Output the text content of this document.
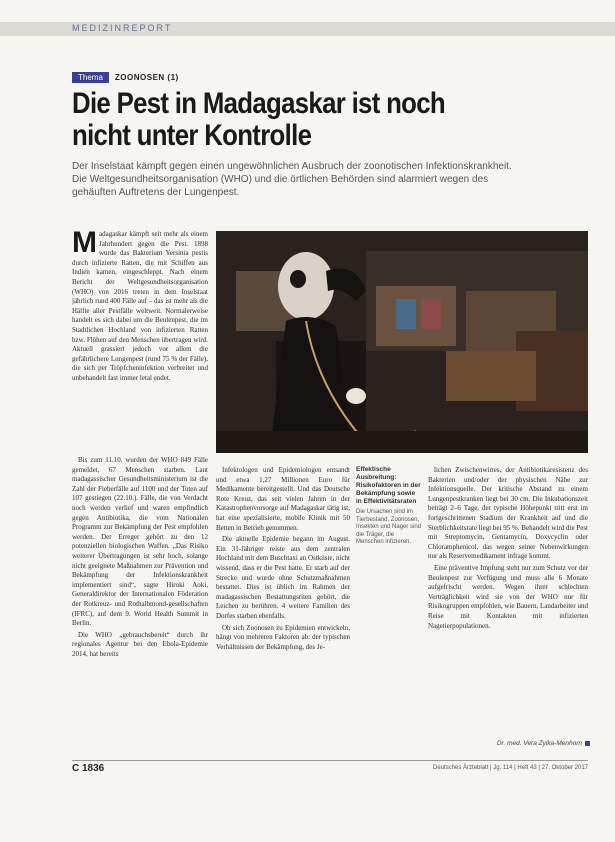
MEDIZINREPORT
Thema	ZOONOSEN (1)
Die Pest in Madagaskar ist noch nicht unter Kontrolle

Der Inselstaat kämpft gegen einen ungewöhnlichen Ausbruch der zoonotischen Infektionskrankheit. Die Weltgesundheitsorganisation (WHO) und die örtlichen Behörden sind alarmiert wegen des gehäuften Auftretens der Lungenpest.

M adagaskar kämpft seit mehr als einem Jahrhundert gegen die Pest. 1898 wurde das Bakterium Yersinia pestis durch infizierte Ratten, die mit Schiffen aus Indien kamen, eingeschleppt. Nach einem Bericht der Weltgesundheitsorganisation (WHO) von 2016 treten in dem Inselstaat jährlich rund 400 Fälle auf – das ist mehr als die Hälfte aller Pestfälle weltweit. Normalerweise handelt es sich dabei um die Beulenpest, die im Stadtlichen Hochland von infizierten Ratten bzw. Flöhen auf den Menschen übertragen wird. Aktuell grassiert jedoch vor allem die gefährlichere Lungenpest (rund 75 % der Fälle), die sich per Tröpfcheninfektion verbreitet und unbehandelt fast immer letal endet.

Bis zum 11.10. wurden der WHO 849 Fälle gemeldet, 67 Menschen starben. Laut madagassischer Gesundheitsministerium ist die Zahl der Fieberfälle auf 1100 und der Toten auf 107 gestiegen (22.10.). Fälle, die von Verdacht noch werden verlief und waren empfindlich gegen Antibiotika, die vom Nationalen Programm zur Bekämpfung der Pest empfohlen werden. Der Erreger gehört zu den 12 potenziellen biologischen Waffen. „Das Risiko weiterer Übertragungen ist sehr hoch, solange nicht geeignete Maßnahmen zur Prävention und Bekämpfung der Infektionskrankheit implementiert sind“, sagte Hiroki Aoki, Generaldirektor der Internationalen Föderation der Rotkreuz- und Rothalbmond-gesellschaften (IFRC), auf dem 9. World Health Summit in Berlin.

Die WHO „gebrauchsbereit“ durch ihr regionales Agentur bei den Ebola-Epidemie 2014, hat bereits

Infektologen und Epidemiologen entsandt und etwa 1,27 Millionen Euro für Medikamente bereitgestellt. Und das Deutsche Rote Kreuz, das seit vielen Jahren in der Katastrophenvorsorge auf Madagaskar tätig ist, hat eine spezialisierte, mobile Klinik mit 50 Betten in Betrieb genommen.

Die aktuelle Epidemie begann im August. Ein 31-Jähriger reiste aus dem zentralen Hochland mit dem Buschtaxi an Ostküste, nicht wissend, dass er die Pest hatte. Er starb auf der Strecke und wurde ohne Schutzmaßnahmen bestattet. Dies ist üblich im Rahmen der madagassischen Bestattungsriten gehört, die Leichen zu berühren. 4 weitere Familien des Dorfes starben ebenfalls.

Ob sich Zoonosen zu Epidemien entwickeln, hängt von mehreren Faktoren ab: der typischen Verhältnissen der Bekämpfung, des Je-

Effektische Ausbreitung: Risikofaktoren in der Bekämpfung sowie in Effektivitätsraten
Die Ursachen sind im Tierbestand, Zoonosen, Insekten und Nager sind die Träger, die Menschen infizieren.

lichen Zwischenwirtes, der Antibiotikaresistenz des Bakterien und/oder der physischen Nähe zur Infektionsquelle. Der kritische Abstand zu einem Lungenpestkranken liegt bei 30 cm. Die Inkubationszeit beträgt 2–6 Tage, der typische Höhepunkt tritt erst im fortgeschrittenen Stadium der Krankheit auf und die Sterblichkeitsrate liegt bei 95 %. Behandelt wird die Pest mit Streptomycin, Gentamycin, Doxycyclin oder Chloramphenicol, das wegen seiner Nebenwirkungen nur als Reservemedikament infrage kommt.

Eine präventive Impfung steht nur zum Schutz vor der Beulenpest zur Verfügung und muss alle 6 Monate aufgefrischt werden. Wegen ihrer schlechten Verträglichkeit wird sie von der WHO nur für Risikogruppen empfohlen, wie Bauern, Landarbeiter und Reise mit Kontakten mit infizierten Nagetierpopulationen.

Dr. med. Vera Zylka-Menhorn
C 1836	Deutsches Ärzteblatt | Jg. 114 | Heft 43 | 27. Oktober 2017
